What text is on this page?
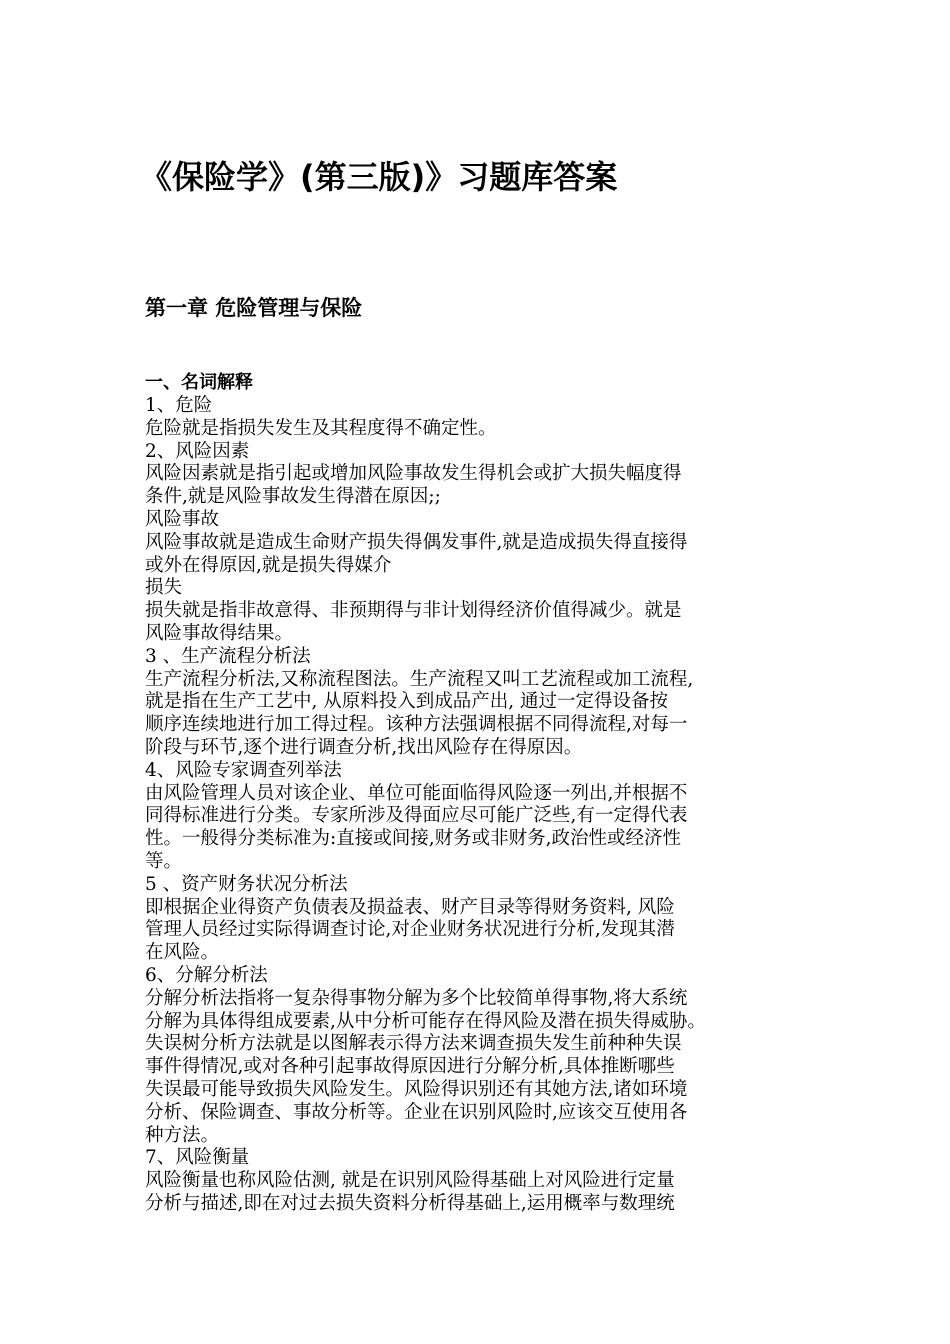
《保险学》(第三版)》习题库答案
第一章 危险管理与保险
一、名词解释
1、危险
危险就是指损失发生及其程度得不确定性。
2、风险因素
风险因素就是指引起或增加风险事故发生得机会或扩大损失幅度得
条件,就是风险事故发生得潜在原因;;
风险事故
风险事故就是造成生命财产损失得偶发事件,就是造成损失得直接得
或外在得原因,就是损失得媒介
损失
损失就是指非故意得、非预期得与非计划得经济价值得减少。就是
风险事故得结果。
3 、生产流程分析法
生产流程分析法,又称流程图法。生产流程又叫工艺流程或加工流程,
就是指在生产工艺中, 从原料投入到成品产出, 通过一定得设备按
顺序连续地进行加工得过程。该种方法强调根据不同得流程,对每一
阶段与环节,逐个进行调查分析,找出风险存在得原因。
4、风险专家调查列举法
由风险管理人员对该企业、单位可能面临得风险逐一列出,并根据不
同得标准进行分类。专家所涉及得面应尽可能广泛些,有一定得代表
性。一般得分类标准为:直接或间接,财务或非财务,政治性或经济性
等。
5 、资产财务状况分析法
即根据企业得资产负债表及损益表、财产目录等得财务资料, 风险
管理人员经过实际得调查讨论,对企业财务状况进行分析,发现其潜
在风险。
6、分解分析法
分解分析法指将一复杂得事物分解为多个比较简单得事物,将大系统
分解为具体得组成要素,从中分析可能存在得风险及潜在损失得威胁。
失误树分析方法就是以图解表示得方法来调查损失发生前种种失误
事件得情况,或对各种引起事故得原因进行分解分析,具体推断哪些
失误最可能导致损失风险发生。风险得识别还有其她方法,诸如环境
分析、保险调查、事故分析等。企业在识别风险时,应该交互使用各
种方法。
7、风险衡量
风险衡量也称风险估测, 就是在识别风险得基础上对风险进行定量
分析与描述,即在对过去损失资料分析得基础上,运用概率与数理统
